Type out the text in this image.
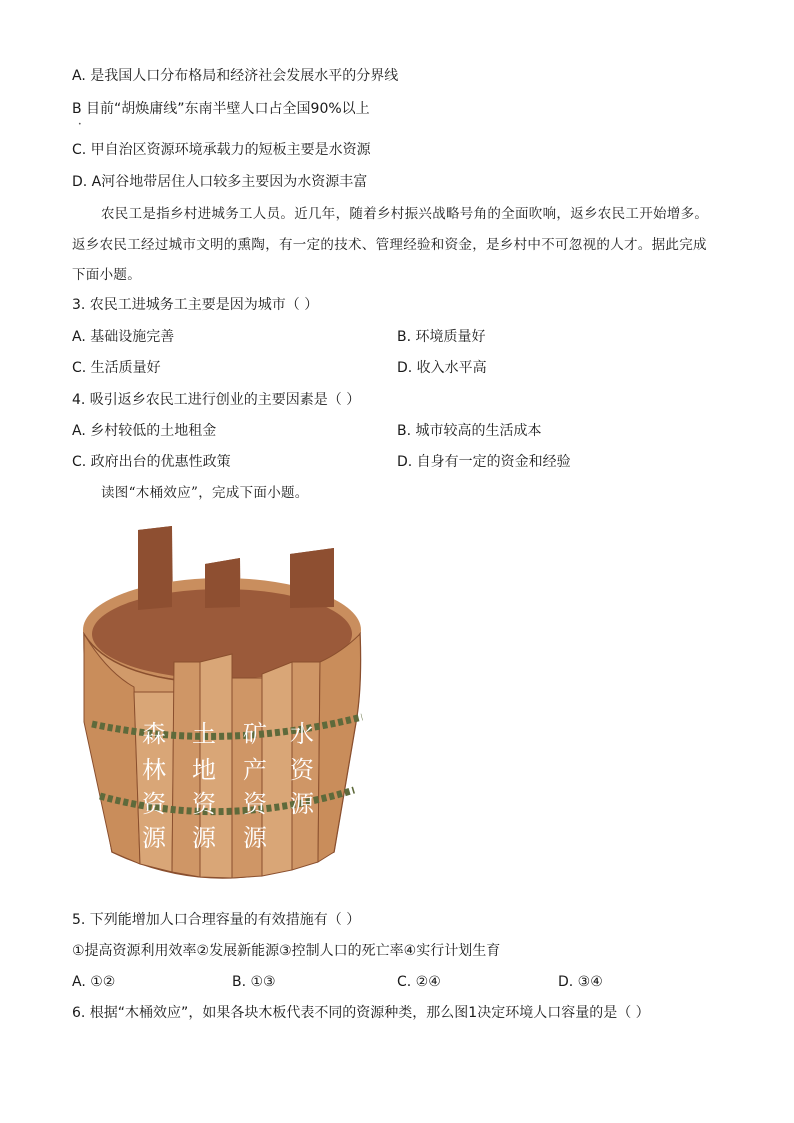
A. 是我国人口分布格局和经济社会发展水平的分界线
B 目前“胡焕庸线”东南半壁人口占全国90%以上
•
C. 甲自治区资源环境承载力的短板主要是水资源
D. A河谷地带居住人口较多主要因为水资源丰富
农民工是指乡村进城务工人员。近几年，随着乡村振兴战略号角的全面吹响，返乡农民工开始增多。
返乡农民工经过城市文明的熏陶，有一定的技术、管理经验和资金，是乡村中不可忽视的人才。据此完成
下面小题。
3. 农民工进城务工主要是因为城市（ ）
A. 基础设施完善	B. 环境质量好
C. 生活质量好	D. 收入水平高
4. 吸引返乡农民工进行创业的主要因素是（ ）
A. 乡村较低的土地租金	B. 城市较高的生活成本
C. 政府出台的优惠性政策	D. 自身有一定的资金和经验
读图“木桶效应”，完成下面小题。
森
林
资
源
土
地
资
源
矿
产
资
源
水
资
源
5. 下列能增加人口合理容量的有效措施有（ ）
①提高资源利用效率②发展新能源③控制人口的死亡率④实行计划生育
A. ①②	B. ①③	C. ②④	D. ③④
6. 根据“木桶效应”，如果各块木板代表不同的资源种类，那么图1决定环境人口容量的是（ ）
